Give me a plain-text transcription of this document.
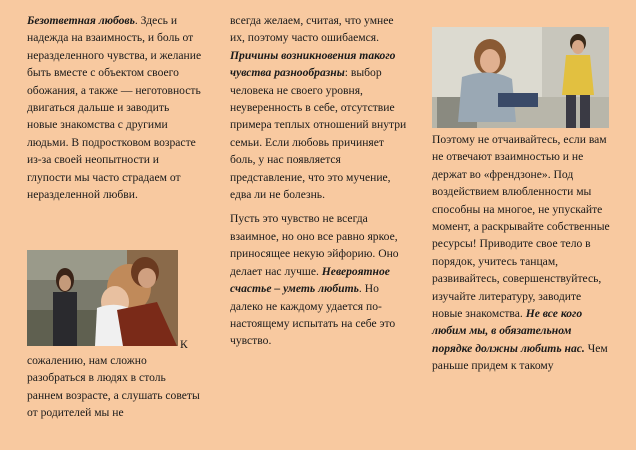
Безответная любовь. Здесь и надежда на взаимность, и боль от неразделенного чувства, и желание быть вместе с объектом своего обожания, а также — неготовность двигаться дальше и заводить новые знакомства с другими людьми. В подростковом возрасте из-за своей неопытности и глупости мы часто страдаем от неразделенной любви.

К

сожалению, нам сложно разобраться в людях в столь раннем возрасте, а слушать советы от родителей мы не

всегда желаем, считая, что умнее их, поэтому часто ошибаемся. Причины возникновения такого чувства разнообразны: выбор человека не своего уровня, неуверенность в себе, отсутствие примера теплых отношений внутри семьи. Если любовь причиняет боль, у нас появляется представление, что это мучение, едва ли не болезнь.

Пусть это чувство не всегда взаимное, но оно все равно яркое, приносящее некую эйфорию. Оно делает нас лучше. Невероятное счастье – уметь любить. Но далеко не каждому удается по-настоящему испытать на себе это чувство.

Поэтому не отчаивайтесь, если вам не отвечают взаимностью и не держат во «френдзоне». Под воздействием влюбленности мы способны на многое, не упускайте момент, а раскрывайте собственные ресурсы! Приводите свое тело в порядок, учитесь танцам, развивайтесь, совершенствуйтесь, изучайте литературу, заводите новые знакомства. Не все кого любим мы, в обязательном порядке должны любить нас. Чем раньше придем к такому
